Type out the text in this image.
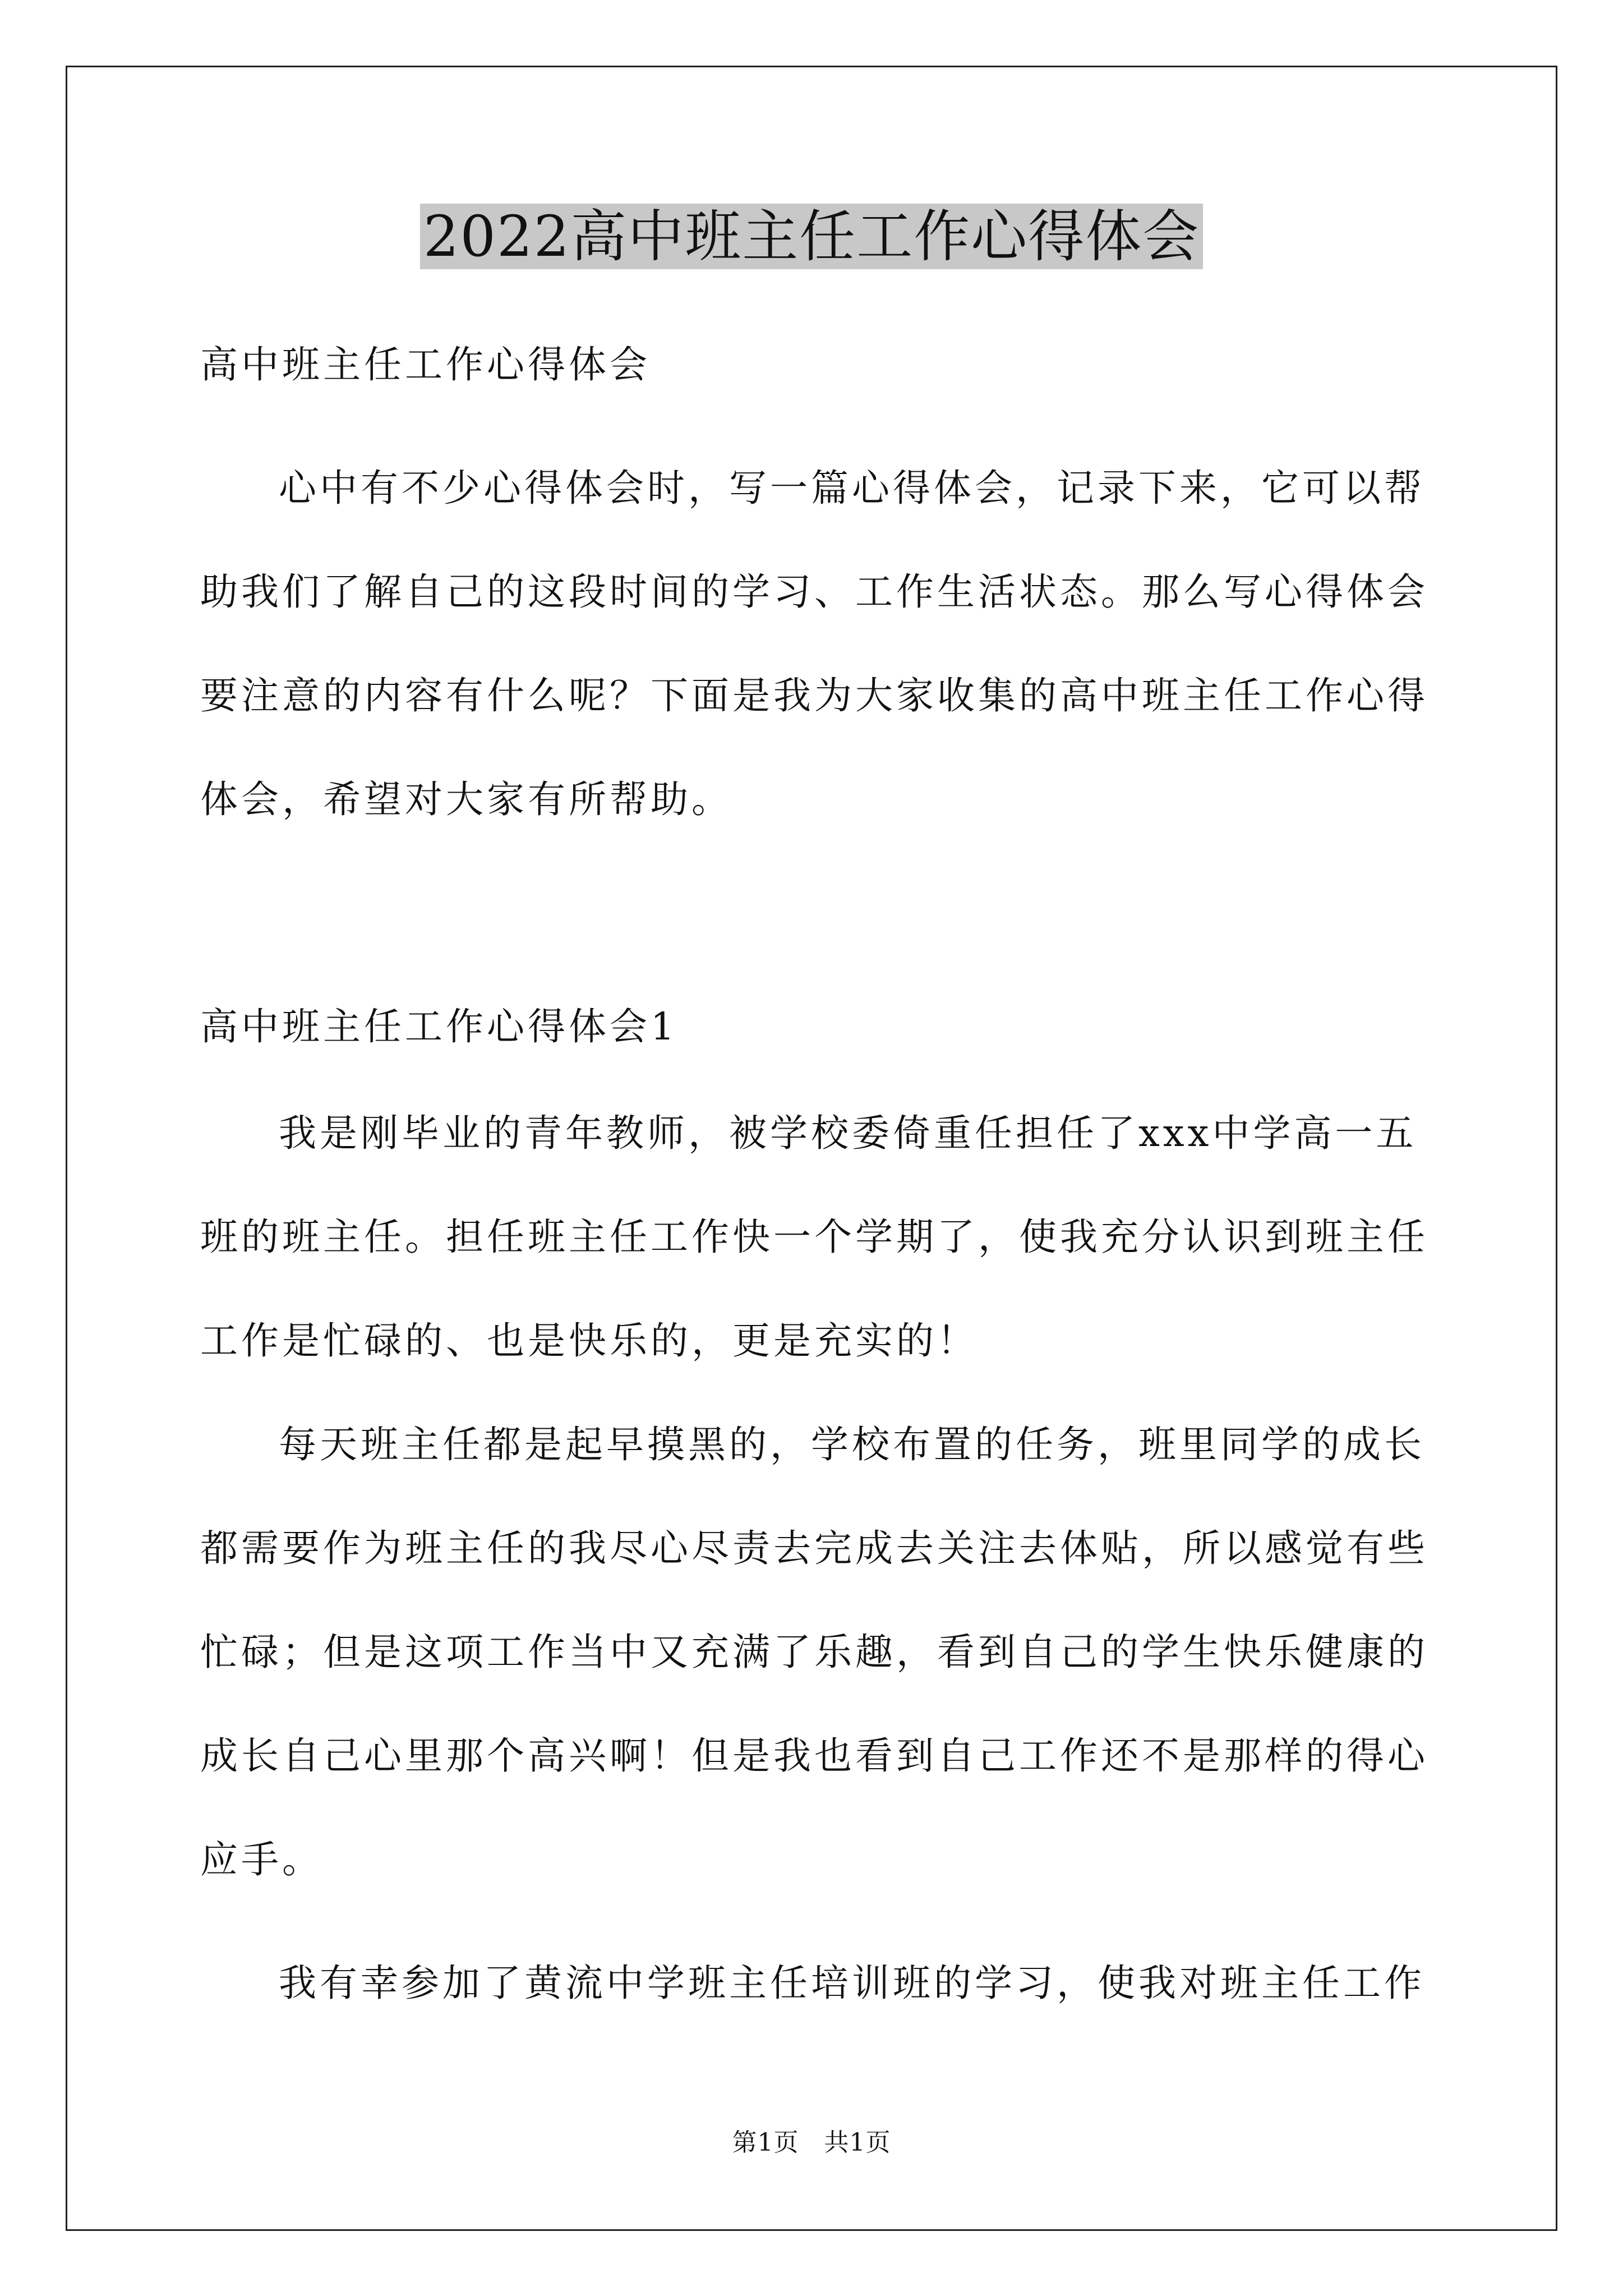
2022高中班主任工作心得体会
高中班主任工作心得体会
心中有不少心得体会时，写一篇心得体会，记录下来，它可以帮
助我们了解自己的这段时间的学习、工作生活状态。那么写心得体会
要注意的内容有什么呢？下面是我为大家收集的高中班主任工作心得
体会，希望对大家有所帮助。
高中班主任工作心得体会1
我是刚毕业的青年教师，被学校委倚重任担任了xxx中学高一五
班的班主任。担任班主任工作快一个学期了，使我充分认识到班主任
工作是忙碌的、也是快乐的，更是充实的！
每天班主任都是起早摸黑的，学校布置的任务，班里同学的成长
都需要作为班主任的我尽心尽责去完成去关注去体贴，所以感觉有些
忙碌；但是这项工作当中又充满了乐趣，看到自己的学生快乐健康的
成长自己心里那个高兴啊！但是我也看到自己工作还不是那样的得心
应手。
我有幸参加了黄流中学班主任培训班的学习，使我对班主任工作
第1页　共1页
